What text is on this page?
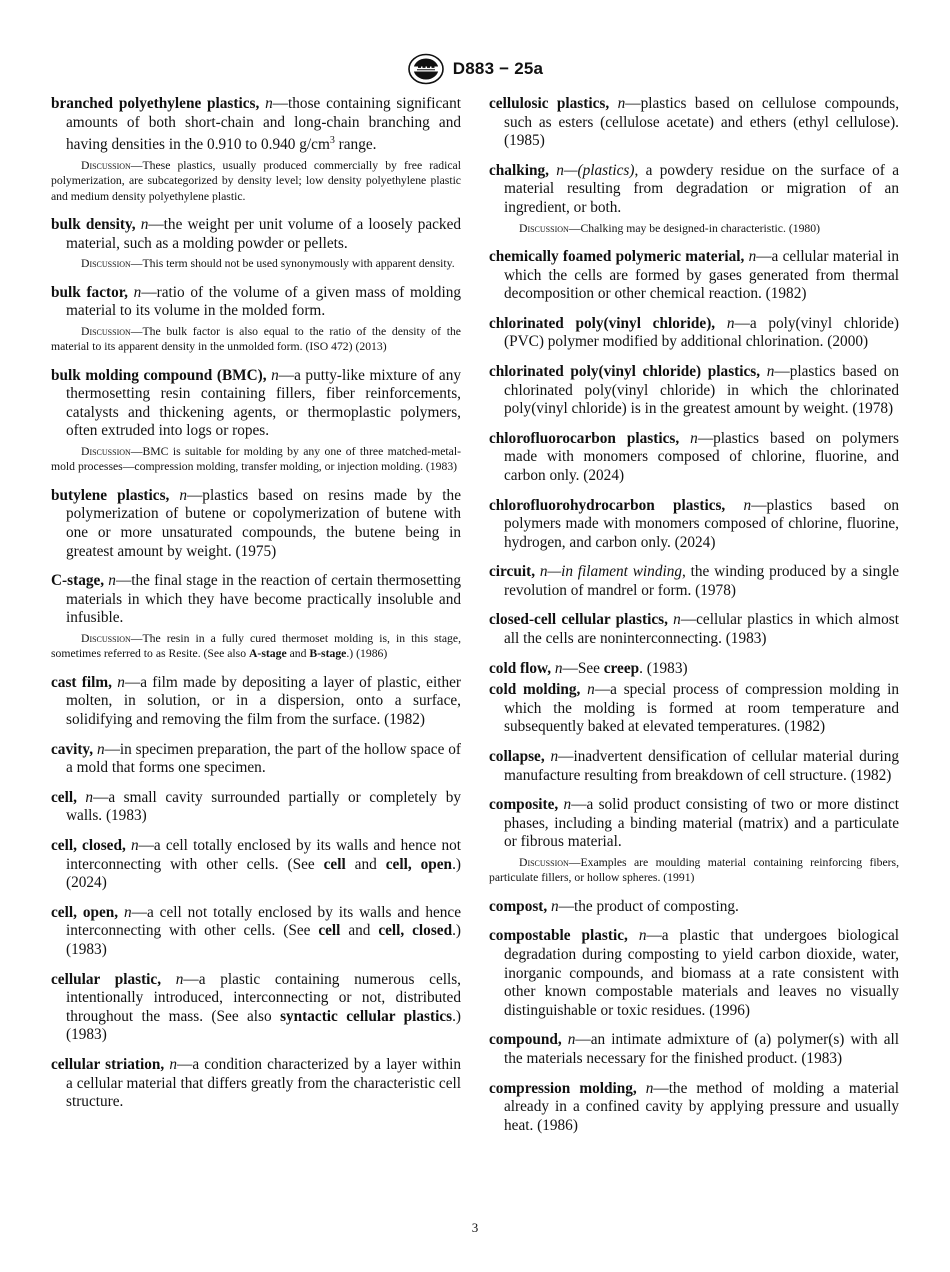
D883 − 25a

branched polyethylene plastics, n—those containing significant amounts of both short-chain and long-chain branching and having densities in the 0.910 to 0.940 $g/cm^3$ range.

Discussion—These plastics, usually produced commercially by free radical polymerization, are subcategorized by density level; low density polyethylene plastic and medium density polyethylene plastic.

bulk density, n—the weight per unit volume of a loosely packed material, such as a molding powder or pellets.

Discussion—This term should not be used synonymously with apparent density.

bulk factor, n—ratio of the volume of a given mass of molding material to its volume in the molded form.

Discussion—The bulk factor is also equal to the ratio of the density of the material to its apparent density in the unmolded form. (ISO 472) (2013)

bulk molding compound (BMC), n—a putty-like mixture of any thermosetting resin containing fillers, fiber reinforcements, catalysts and thickening agents, or thermoplastic polymers, often extruded into logs or ropes.

Discussion—BMC is suitable for molding by any one of three matched-metal-mold processes—compression molding, transfer molding, or injection molding. (1983)

butylene plastics, n—plastics based on resins made by the polymerization of butene or copolymerization of butene with one or more unsaturated compounds, the butene being in greatest amount by weight. (1975)

C-stage, n—the final stage in the reaction of certain thermosetting materials in which they have become practically insoluble and infusible.

Discussion—The resin in a fully cured thermoset molding is, in this stage, sometimes referred to as Resite. (See also A-stage and B-stage.) (1986)

cast film, n—a film made by depositing a layer of plastic, either molten, in solution, or in a dispersion, onto a surface, solidifying and removing the film from the surface. (1982)

cavity, n—in specimen preparation, the part of the hollow space of a mold that forms one specimen.

cell, n—a small cavity surrounded partially or completely by walls. (1983)

cell, closed, n—a cell totally enclosed by its walls and hence not interconnecting with other cells. (See cell and cell, open.) (2024)

cell, open, n—a cell not totally enclosed by its walls and hence interconnecting with other cells. (See cell and cell, closed.) (1983)

cellular plastic, n—a plastic containing numerous cells, intentionally introduced, interconnecting or not, distributed throughout the mass. (See also syntactic cellular plastics.) (1983)

cellular striation, n—a condition characterized by a layer within a cellular material that differs greatly from the characteristic cell structure.

cellulosic plastics, n—plastics based on cellulose compounds, such as esters (cellulose acetate) and ethers (ethyl cellulose). (1985)

chalking, n—(plastics), a powdery residue on the surface of a material resulting from degradation or migration of an ingredient, or both.

Discussion—Chalking may be designed-in characteristic. (1980)

chemically foamed polymeric material, n—a cellular material in which the cells are formed by gases generated from thermal decomposition or other chemical reaction. (1982)

chlorinated poly(vinyl chloride), n—a poly(vinyl chloride) (PVC) polymer modified by additional chlorination. (2000)

chlorinated poly(vinyl chloride) plastics, n—plastics based on chlorinated poly(vinyl chloride) in which the chlorinated poly(vinyl chloride) is in the greatest amount by weight. (1978)

chlorofluorocarbon plastics, n—plastics based on polymers made with monomers composed of chlorine, fluorine, and carbon only. (2024)

chlorofluorohydrocarbon plastics, n—plastics based on polymers made with monomers composed of chlorine, fluorine, hydrogen, and carbon only. (2024)

circuit, n—in filament winding, the winding produced by a single revolution of mandrel or form. (1978)

closed-cell cellular plastics, n—cellular plastics in which almost all the cells are noninterconnecting. (1983)

cold flow, n—See creep. (1983)

cold molding, n—a special process of compression molding in which the molding is formed at room temperature and subsequently baked at elevated temperatures. (1982)

collapse, n—inadvertent densification of cellular material during manufacture resulting from breakdown of cell structure. (1982)

composite, n—a solid product consisting of two or more distinct phases, including a binding material (matrix) and a particulate or fibrous material.

Discussion—Examples are moulding material containing reinforcing fibers, particulate fillers, or hollow spheres. (1991)

compost, n—the product of composting.

compostable plastic, n—a plastic that undergoes biological degradation during composting to yield carbon dioxide, water, inorganic compounds, and biomass at a rate consistent with other known compostable materials and leaves no visually distinguishable or toxic residues. (1996)

compound, n—an intimate admixture of (a) polymer(s) with all the materials necessary for the finished product. (1983)

compression molding, n—the method of molding a material already in a confined cavity by applying pressure and usually heat. (1986)

3
